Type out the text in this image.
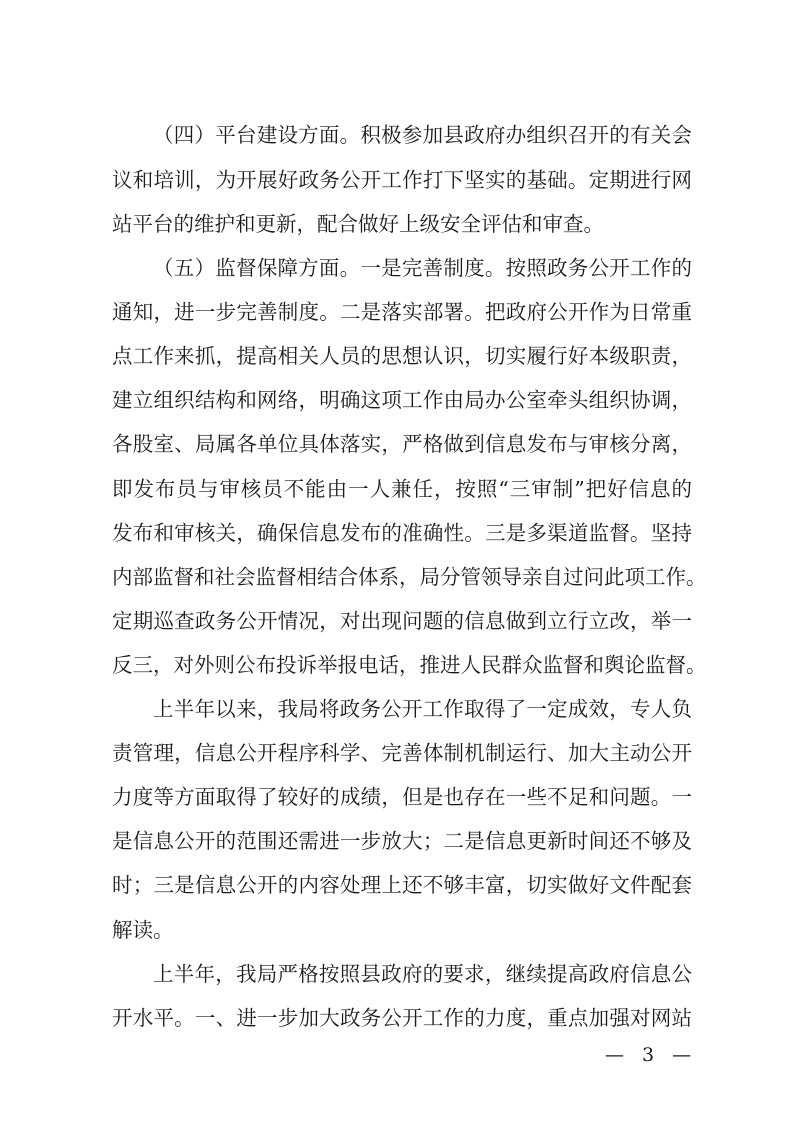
（四）平台建设方面。积极参加县政府办组织召开的有关会
议和培训，为开展好政务公开工作打下坚实的基础。定期进行网
站平台的维护和更新，配合做好上级安全评估和审查。
（五）监督保障方面。一是完善制度。按照政务公开工作的
通知，进一步完善制度。二是落实部署。把政府公开作为日常重
点工作来抓，提高相关人员的思想认识，切实履行好本级职责，
建立组织结构和网络，明确这项工作由局办公室牵头组织协调，
各股室、局属各单位具体落实，严格做到信息发布与审核分离，
即发布员与审核员不能由一人兼任，按照“三审制”把好信息的
发布和审核关，确保信息发布的准确性。三是多渠道监督。坚持
内部监督和社会监督相结合体系，局分管领导亲自过问此项工作。
定期巡查政务公开情况，对出现问题的信息做到立行立改，举一
反三，对外则公布投诉举报电话，推进人民群众监督和舆论监督。
上半年以来，我局将政务公开工作取得了一定成效，专人负
责管理，信息公开程序科学、完善体制机制运行、加大主动公开
力度等方面取得了较好的成绩，但是也存在一些不足和问题。一
是信息公开的范围还需进一步放大；二是信息更新时间还不够及
时；三是信息公开的内容处理上还不够丰富，切实做好文件配套
解读。
上半年，我局严格按照县政府的要求，继续提高政府信息公
开水平。一、进一步加大政务公开工作的力度，重点加强对网站
— 3 —
